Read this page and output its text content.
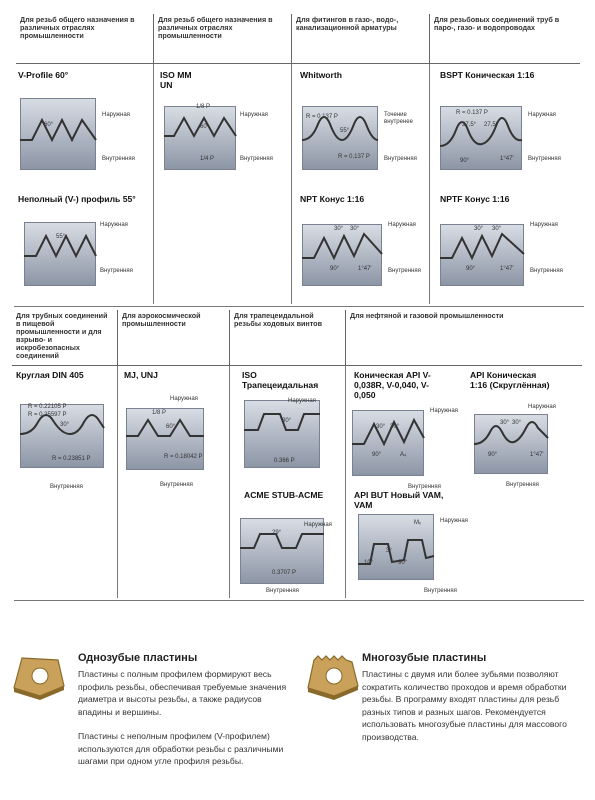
Для резьб общего назначения в различных отраслях промышленности
Для резьб общего назначения в различных отраслях промышленности
Для фитингов в газо-, водо-, канализационной арматуры
Для резьбовых соединений труб в паро-, газо- и водопроводах
V-Profile 60°	ISO MM
UN
Whitworth	BSPT Коническая 1:16
Неполный (V-) профиль 55°	NPT Конус 1:16	NPTF Конус 1:16
60°
Наружная
Внутренняя
1/8 P
60°
1/4 P
Наружная
Внутренняя
R = 0.137 P
55°
R = 0.137 P
Точение внутренее
Внутренняя
R = 0.137 P
27,5° 27,5°
90°	1°47'
Наружная
Внутренняя
55°
Наружная
Внутренняя
30° 30°
90°	1°47'
Наружная
Внутренняя
30° 30°
90°	1°47'
Наружная
Внутренняя
Для трубных соединений в пищевой промышленности и для взрыво- и искробезопасных соединений
Для аэрокосмической промышленности
Для трапецеидальной резьбы ходовых винтов
Для нефтяной и газовой промышленности
Круглая DIN 405	MJ, UNJ	ISO Трапецеидальная
Коническая API V-0,038R, V-0,040, V-0,050
API Коническая 1:16 (Скруглённая)
ACME STUB-ACME	API BUT Новый VAM, VAM
R = 0.22105 P
R = 0.25597 P
30°
R = 0.23851 P
Внутренняя
1/8 P
60°
R = 0.18042 P
Наружная
Внутренняя
30°
0.366 P
Наружная
29°
0.3707 P
Наружная
Внутренняя
30° 30°
90°	A₄
Наружная
Внутренняя
30° 30°
90°	1°47'
Наружная
Внутренняя
Mₓ
3°
10°	90°
Наружная
Внутренняя
Однозубые пластины
Пластины с полным профилем формируют весь профиль резьбы, обеспечивая требуемые значения диаметра и высоты резьбы, а также радиусов впадины и вершины.
Пластины с неполным профилем (V-профилем) используются для обработки резьбы с различными шагами при одном угле профиля резьбы.
Многозубые пластины
Пластины с двумя или более зубьями позволяют сократить количество проходов и время обработки резьбы. В программу входят пластины для резьб разных типов и разных шагов. Рекомендуется использовать многозубые пластины для массового производства.
